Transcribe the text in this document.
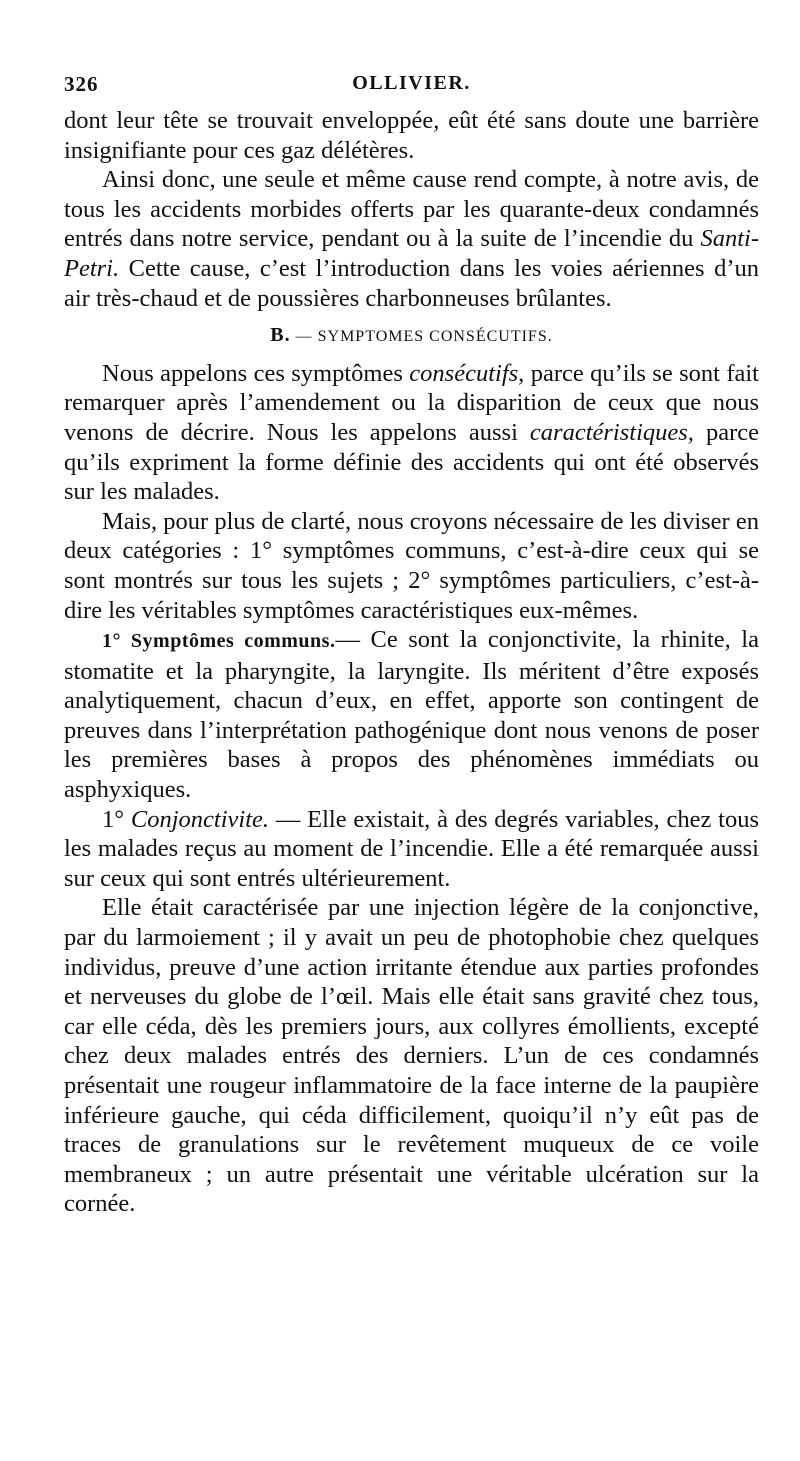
326	OLLIVIER.

dont leur tête se trouvait enveloppée, eût été sans doute une barrière insignifiante pour ces gaz délétères.

Ainsi donc, une seule et même cause rend compte, à notre avis, de tous les accidents morbides offerts par les quarante-deux condamnés entrés dans notre service, pendant ou à la suite de l’incendie du Santi-Petri. Cette cause, c’est l’introduction dans les voies aériennes d’un air très-chaud et de poussières charbonneuses brûlantes.

B. — SYMPTOMES CONSÉCUTIFS.

Nous appelons ces symptômes consécutifs, parce qu’ils se sont fait remarquer après l’amendement ou la disparition de ceux que nous venons de décrire. Nous les appelons aussi caractéristiques, parce qu’ils expriment la forme définie des accidents qui ont été observés sur les malades.

Mais, pour plus de clarté, nous croyons nécessaire de les diviser en deux catégories : 1° symptômes communs, c’est-à-dire ceux qui se sont montrés sur tous les sujets ; 2° symptômes particuliers, c’est-à-dire les véritables symptômes caractéristiques eux-mêmes.

1° Symptômes communs.— Ce sont la conjonctivite, la rhinite, la stomatite et la pharyngite, la laryngite. Ils méritent d’être exposés analytiquement, chacun d’eux, en effet, apporte son contingent de preuves dans l’interprétation pathogénique dont nous venons de poser les premières bases à propos des phénomènes immédiats ou asphyxiques.

1° Conjonctivite. — Elle existait, à des degrés variables, chez tous les malades reçus au moment de l’incendie. Elle a été remarquée aussi sur ceux qui sont entrés ultérieurement.

Elle était caractérisée par une injection légère de la conjonctive, par du larmoiement ; il y avait un peu de photophobie chez quelques individus, preuve d’une action irritante étendue aux parties profondes et nerveuses du globe de l’œil. Mais elle était sans gravité chez tous, car elle céda, dès les premiers jours, aux collyres émollients, excepté chez deux malades entrés des derniers. L’un de ces condamnés présentait une rougeur inflammatoire de la face interne de la paupière inférieure gauche, qui céda difficilement, quoiqu’il n’y eût pas de traces de granulations sur le revêtement muqueux de ce voile membraneux ; un autre présentait une véritable ulcération sur la cornée.
